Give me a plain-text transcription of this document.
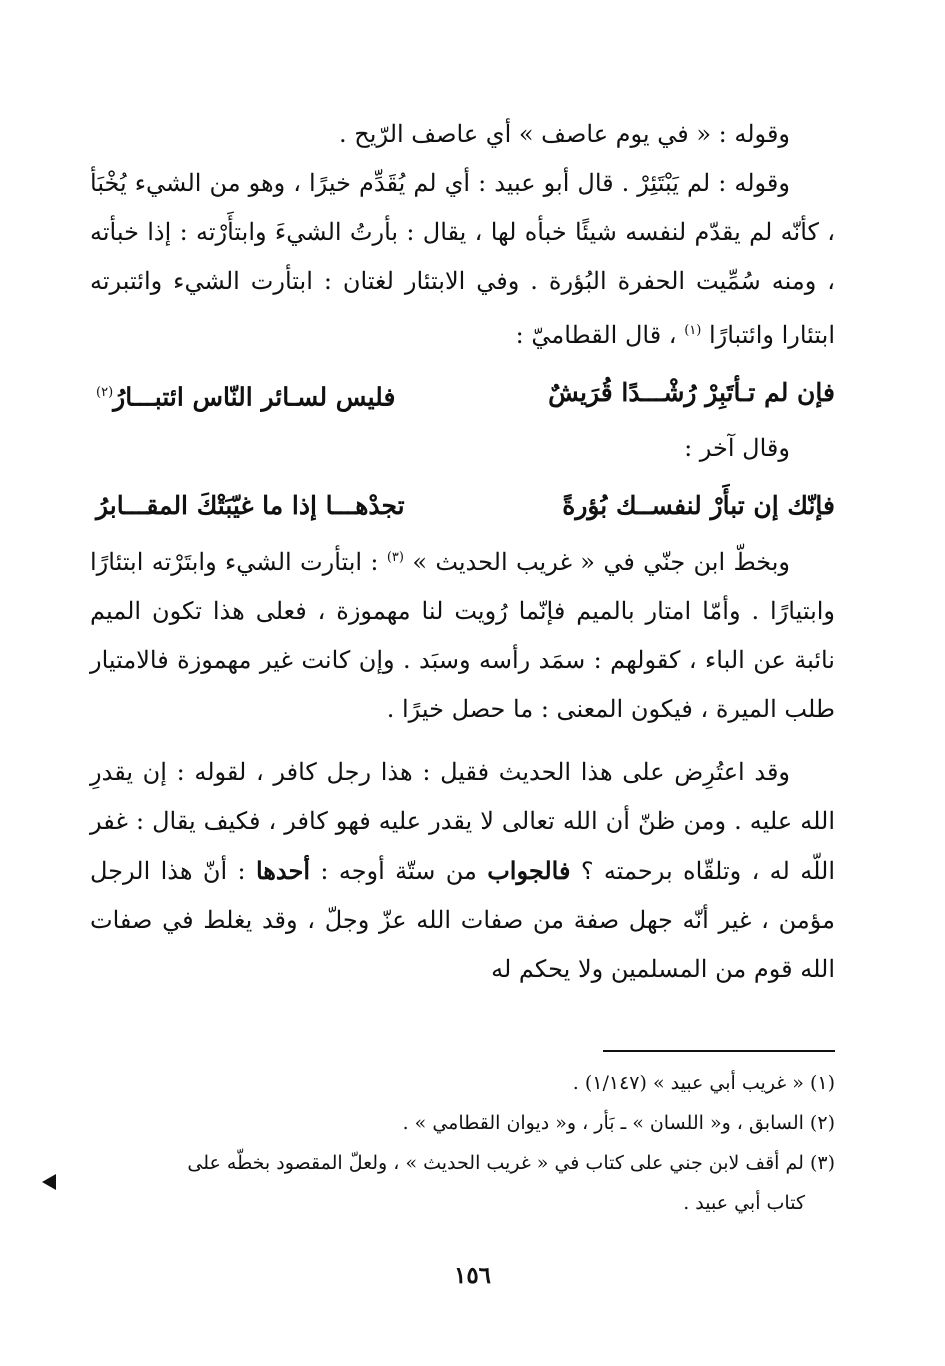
وقوله : « في يوم عاصف » أي عاصف الرّيح .

وقوله : لم يَبْتَئِرْ . قال أبو عبيد : أي لم يُقَدِّم خيرًا ، وهو من الشيء يُخْبَأ ، كأنّه لم يقدّم لنفسه شيئًا خبأه لها ، يقال : بأرتُ الشيءَ وابتأَرْته : إذا خبأته ، ومنه سُمِّيت الحفرة البُؤرة . وفي الابتئار لغتان : ابتأرت الشيء وائتبرته ابتئارا وائتبارًا $^{(١)}$ ، قال القطاميّ :

فإن لم تـأتَبِرْ رُشْـــدًا قُرَيشٌ
فليس لسـائر النّاس ائتبـــارُ$^{(٢)}$

وقال آخر :

فإنّك إن تبأَرْ لنفســك بُؤرةً
تجدْهـــا إذا ما غيّبَتْكَ المقـــابرُ

وبخطّ ابن جنّي في « غريب الحديث » $^{(٣)}$ : ابتأرت الشيء وابتَرْته ابتئارًا وابتيارًا . وأمّا امتار بالميم فإنّما رُويت لنا مهموزة ، فعلى هذا تكون الميم نائبة عن الباء ، كقولهم : سمَد رأسه وسبَد . وإن كانت غير مهموزة فالامتيار طلب الميرة ، فيكون المعنى : ما حصل خيرًا .

وقد اعتُرِض على هذا الحديث فقيل : هذا رجل كافر ، لقوله : إن يقدرِ الله عليه . ومن ظنّ أن الله تعالى لا يقدر عليه فهو كافر ، فكيف يقال : غفر اللّه له ، وتلقّاه برحمته ؟ فالجواب من ستّة أوجه : أحدها : أنّ هذا الرجل مؤمن ، غير أنّه جهل صفة من صفات الله عزّ وجلّ ، وقد يغلط في صفات الله قوم من المسلمين ولا يحكم له

(١) « غريب أبي عبيد » (١/١٤٧) .

(٢) السابق ، و« اللسان » ـ بَأر ، و« ديوان القطامي » .

(٣) لم أقف لابن جني على كتاب في « غريب الحديث » ، ولعلّ المقصود بخطّه على

كتاب أبي عبيد .

١٥٦
